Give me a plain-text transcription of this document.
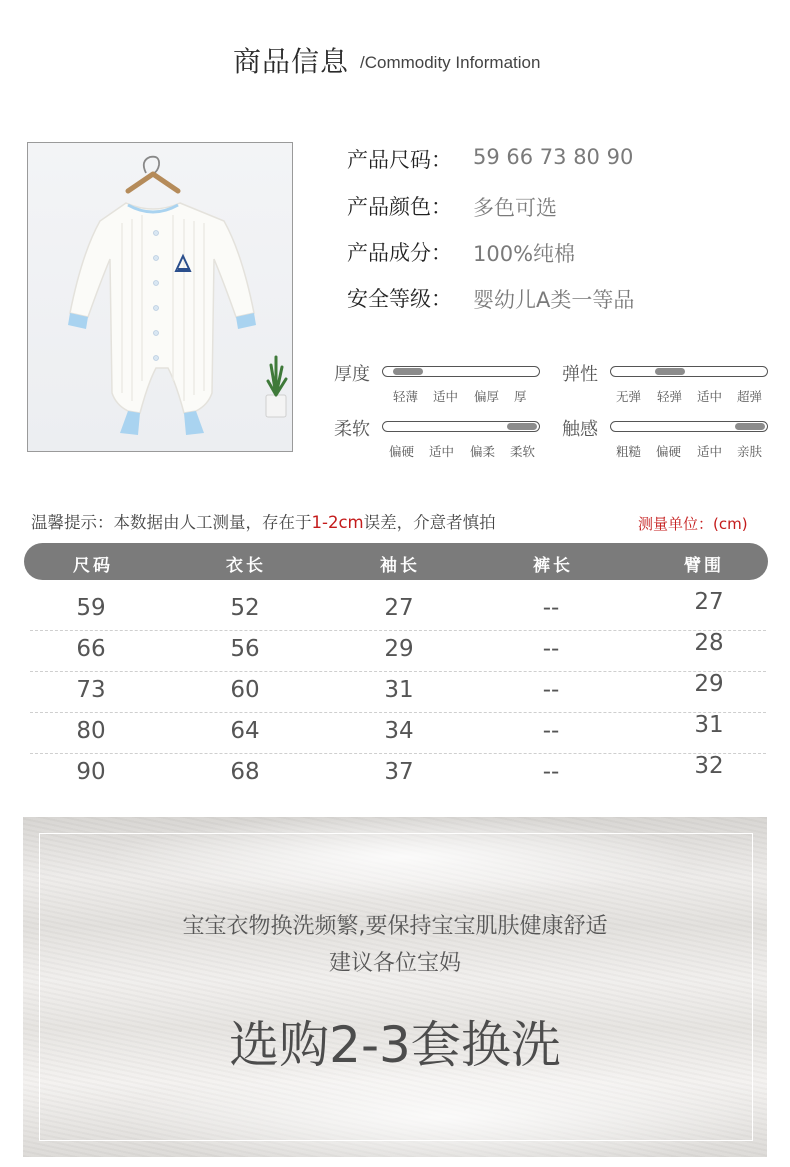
商品信息 /Commodity Information
产品尺码： 59 66 73 80 90
产品颜色： 多色可选
产品成分： 100%纯棉
安全等级： 婴幼儿A类一等品
厚度
轻薄 适中 偏厚 厚
弹性
无弹 轻弹 适中 超弹
柔软
偏硬 适中 偏柔 柔软
触感
粗糙 偏硬 适中 亲肤
温馨提示：本数据由人工测量，存在于1-2cm误差，介意者慎拍	测量单位：(cm)
尺码	衣长	袖长	裤长	臂围
59	52	27	--	27
66	56	29	--	28
73	60	31	--	29
80	64	34	--	31
90	68	37	--	32
宝宝衣物换洗频繁,要保持宝宝肌肤健康舒适
建议各位宝妈
选购2-3套换洗
